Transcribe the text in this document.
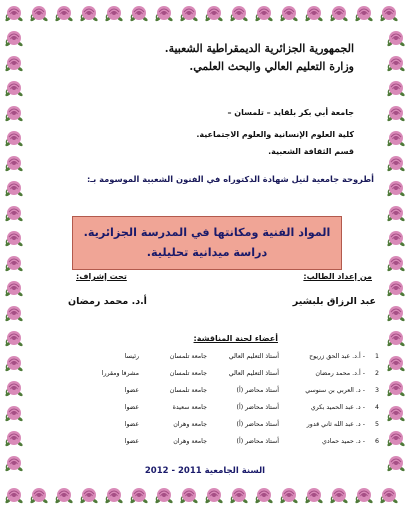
الجمهورية الجزائرية الديمقراطية الشعبية.
وزارة التعليم العالي والبحث العلمي.
جامعة أبي بكر بلقايد – تلمسان –
كلية العلوم الإنسانية والعلوم الاجتماعية.
قسم الثقافة الشعبية.
أطروحة جامعية لنيل شهادة الدكتوراه في الفنون الشعبية الموسومة بـ:
المواد الفنية ومكانتها في المدرسة الجزائرية.
دراسة ميدانية تحليلية.
من إعداد الطالب:
تحت إشراف:
عبد الرزاق بلبشير
أ.د. محمد رمضان
أعضاء لجنة المناقشة:
1	- أ.د. عبد الحق زريوح	أستاذ التعليم العالي	جامعة تلمسان	رئيسا
2	- أ.د. محمد رمضان	أستاذ التعليم العالي	جامعة تلمسان	مشرفا ومقررا
3	- د. العربي بن سنوسي	أستاذ محاضر (أ)	جامعة تلمسان	عضوا
4	- د. عبد الحميد بكري	أستاذ محاضر (أ)	جامعة سعيدة	عضوا
5	- د. عبد الله ثاني قدور	أستاذ محاضر (أ)	جامعة وهران	عضوا
6	- د. حميد حمادي	أستاذ محاضر (أ)	جامعة وهران	عضوا
السنة الجامعية 2011 - 2012
